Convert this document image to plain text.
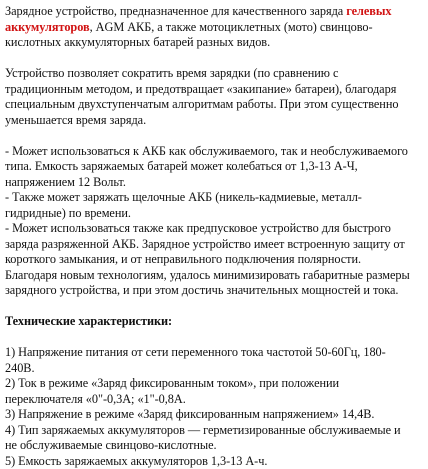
Зарядное устройство, предназначенное для качественного заряда гелевых
аккумуляторов, AGM АКБ, а также мотоциклетных (мото) свинцово-
кислотных аккумуляторных батарей разных видов.

Устройство позволяет сократить время зарядки (по сравнению с
традиционным методом, и предотвращает «закипание» батареи), благодаря
специальным двухступенчатым алгоритмам работы. При этом существенно
уменьшается время заряда.

- Может использоваться к АКБ как обслуживаемого, так и необслуживаемого
типа. Емкость заряжаемых батарей может колебаться от 1,3-13 А-Ч,
напряжением 12 Вольт.
- Также может заряжать щелочные АКБ (никель-кадмиевые, металл-
гидридные) по времени.
- Может использоваться также как предпусковое устройство для быстрого
заряда разряженной АКБ. Зарядное устройство имеет встроенную защиту от
короткого замыкания, и от неправильного подключения полярности.
Благодаря новым технологиям, удалось минимизировать габаритные размеры
зарядного устройства, и при этом достичь значительных мощностей и тока.

Технические характеристики:

1) Напряжение питания от сети переменного тока частотой 50-60Гц, 180-
240В.
2) Ток в режиме «Заряд фиксированным током», при положении
переключателя «0"-0,3А; «1"-0,8А.
3) Напряжение в режиме «Заряд фиксированным напряжением» 14,4В.
4) Тип заряжаемых аккумуляторов — герметизированные обслуживаемые и
не обслуживаемые свинцово-кислотные.
5) Емкость заряжаемых аккумуляторов 1,3-13 А-ч.
